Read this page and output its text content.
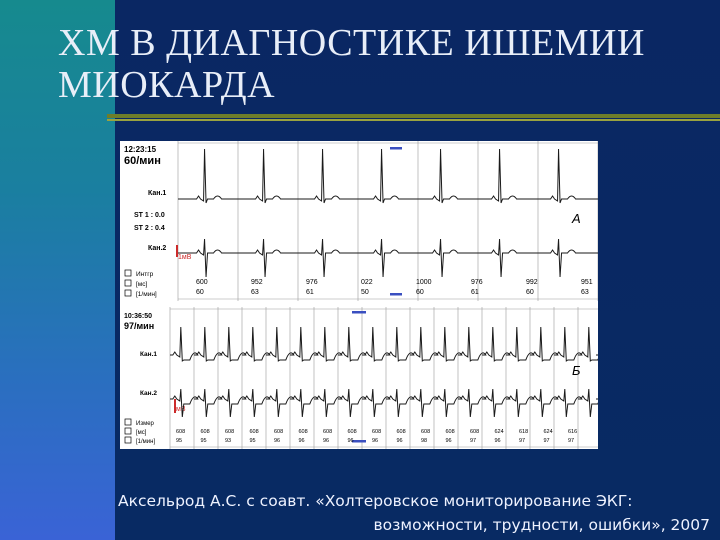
ХМ В ДИАГНОСТИКЕ ИШЕМИИ
МИОКАРДА
12:23:15
60/мин
Кан.1
ST 1 : 0.0
ST 2 : 0.4
Кан.2
1мВ
Интгр
[мс]
[1/мин]
А
600
60
952
63
976
61
022
50
1000
60
976
61
992
60
951
63
10:36:50
97/мин
Кан.1
Кан.2
мВ
Измер
[мс]
[1/мин]
Б
608
95
608
95
608
93
608
95
608
96
608
96
608
96
608
96
608
96
608
96
608
98
608
96
608
97
624
96
618
97
624
97
616
97
Аксельрод А.С. с соавт. «Холтеровское мониторирование ЭКГ:
возможности, трудности, ошибки», 2007
